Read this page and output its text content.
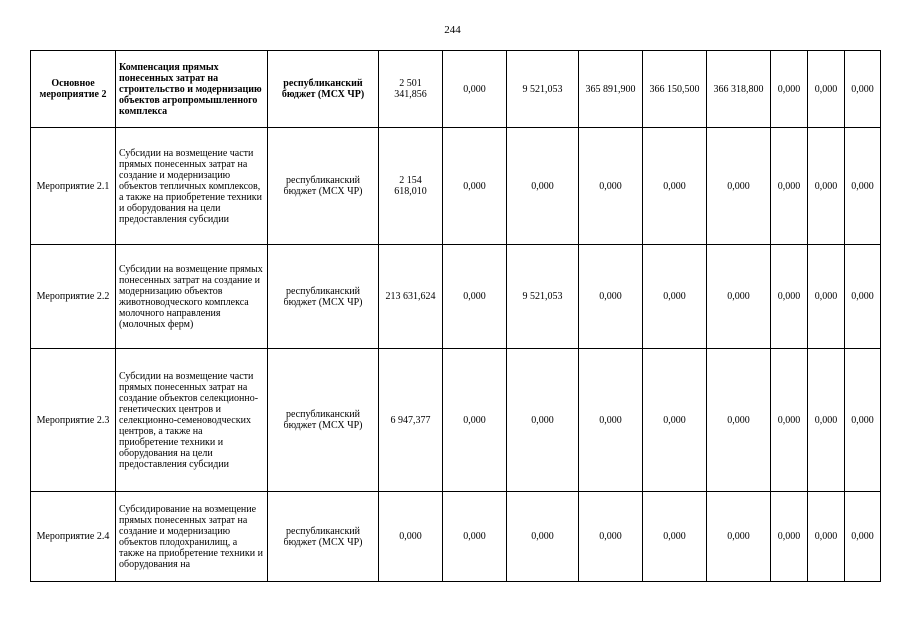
244
Основное мероприятие 2	Компенсация прямых понесенных затрат на строительство и модернизацию объектов агропромышленного комплекса	республиканский бюджет (МСХ ЧР)	2 501 341,856	0,000	9 521,053	365 891,900	366 150,500	366 318,800	0,000	0,000	0,000
Мероприятие 2.1	Субсидии на возмещение части прямых понесенных затрат на создание и модернизацию объектов тепличных комплексов, а также на приобретение техники и оборудования на цели предоставления субсидии	республиканский бюджет (МСХ ЧР)	2 154 618,010	0,000	0,000	0,000	0,000	0,000	0,000	0,000	0,000
Мероприятие 2.2	Субсидии на возмещение прямых понесенных затрат на создание и модернизацию объектов животноводческого комплекса молочного направления (молочных ферм)	республиканский бюджет (МСХ ЧР)	213 631,624	0,000	9 521,053	0,000	0,000	0,000	0,000	0,000	0,000
Мероприятие 2.3	Субсидии на возмещение части прямых понесенных затрат на создание объектов селекционно-генетических центров и селекционно-семеноводческих центров, а также на приобретение техники и оборудования на цели предоставления субсидии	республиканский бюджет (МСХ ЧР)	6 947,377	0,000	0,000	0,000	0,000	0,000	0,000	0,000	0,000
Мероприятие 2.4	Субсидирование на возмещение прямых понесенных затрат на создание и модернизацию объектов плодохранилищ, а также на приобретение техники и оборудования на	республиканский бюджет (МСХ ЧР)	0,000	0,000	0,000	0,000	0,000	0,000	0,000	0,000	0,000
